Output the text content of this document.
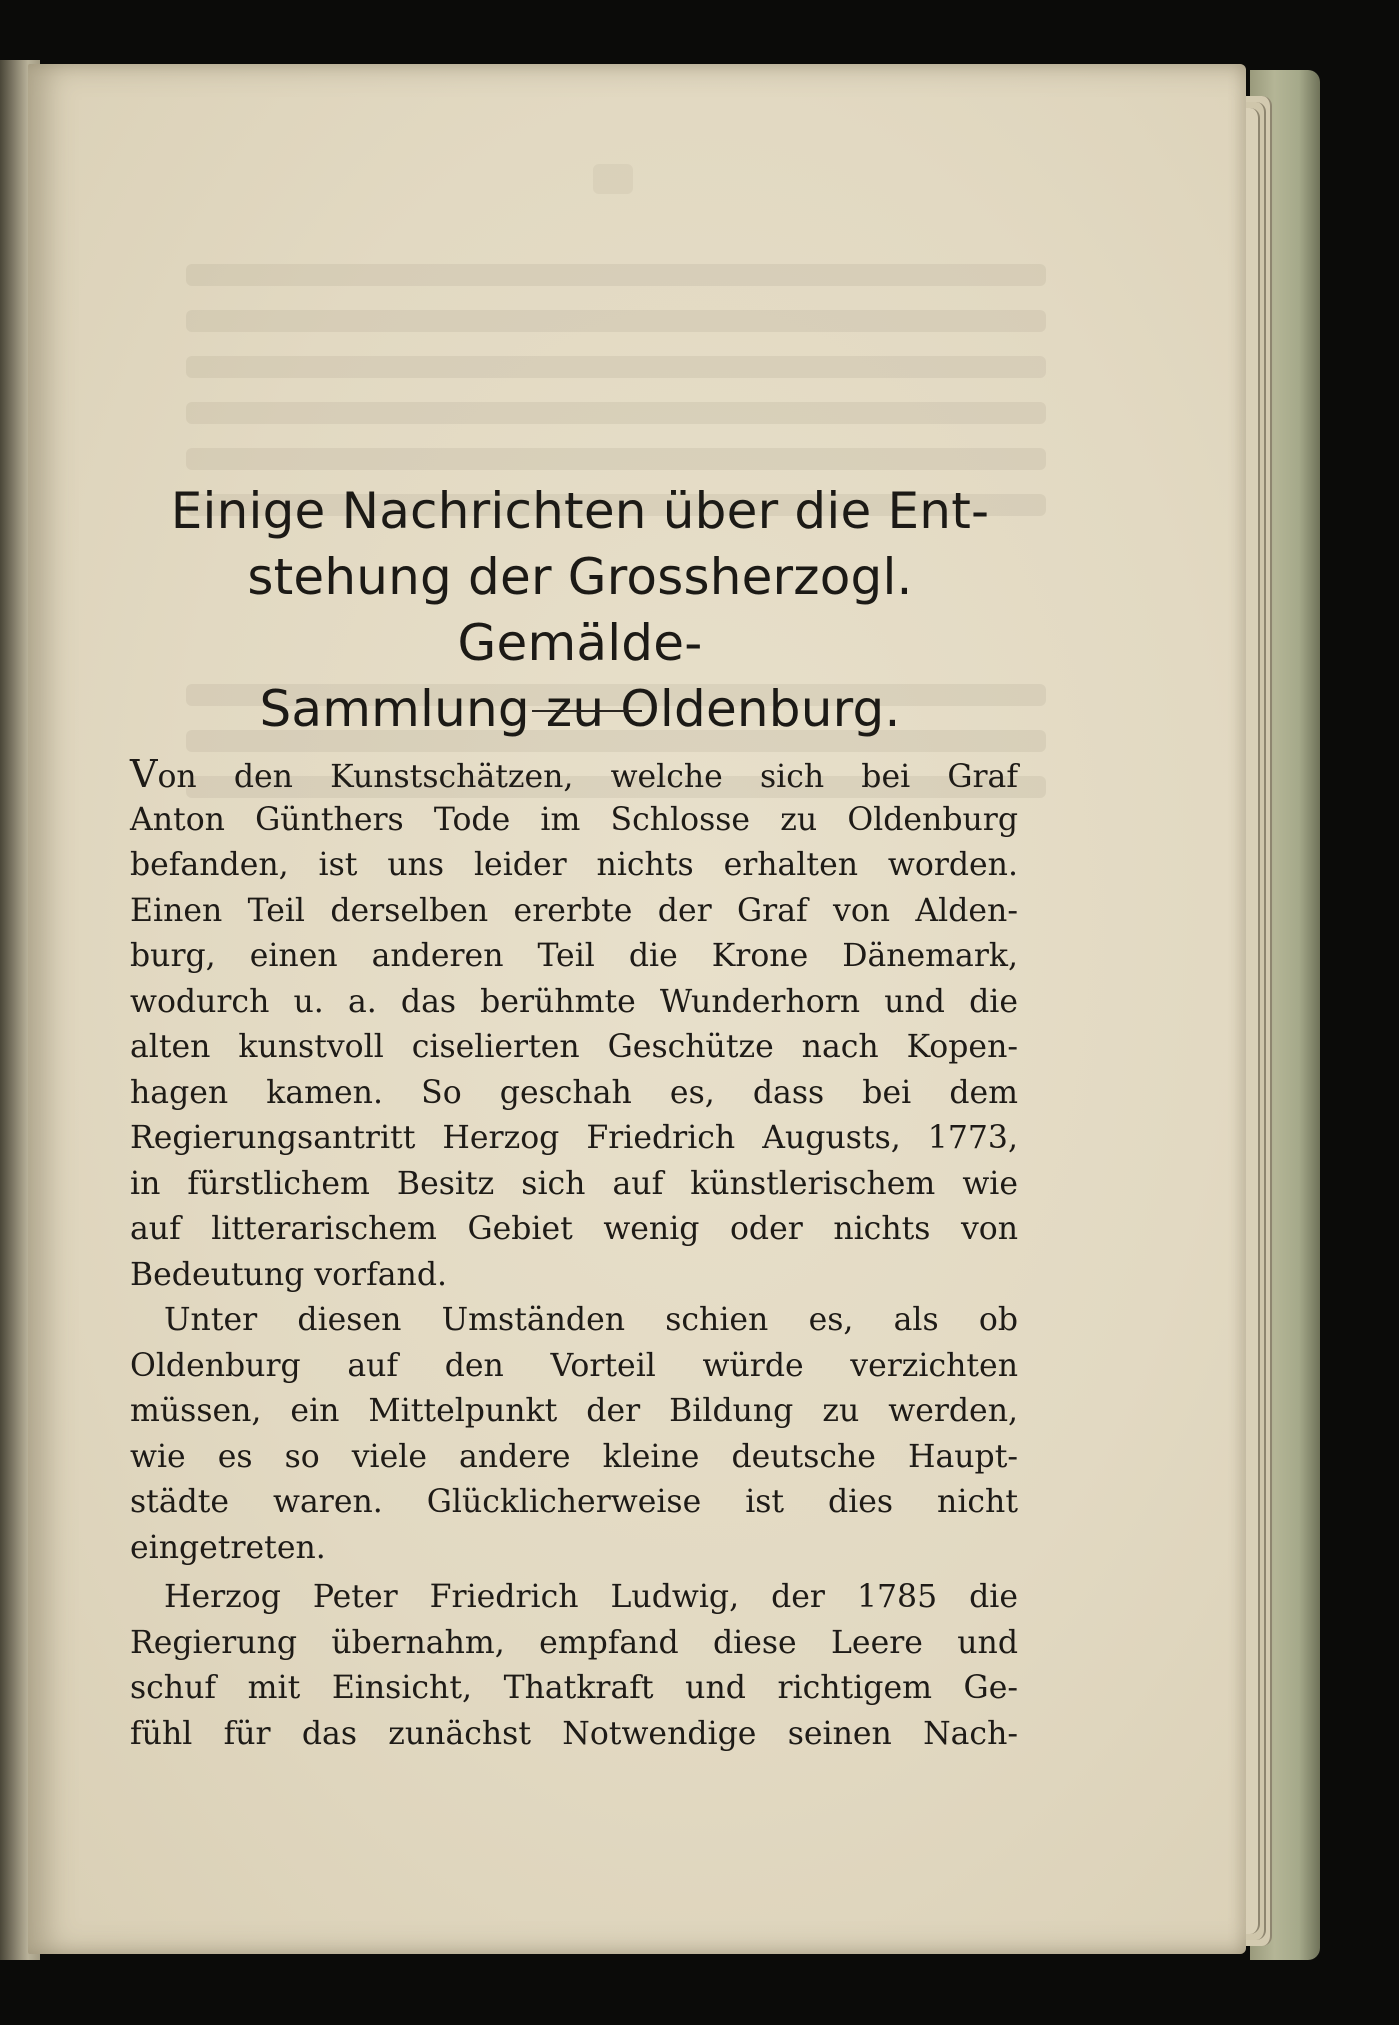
Einige Nachrichten über die Ent-
stehung der Grossherzogl. Gemälde-
Sammlung zu Oldenburg.
Von den Kunstschätzen, welche sich bei Graf
Anton Günthers Tode im Schlosse zu Oldenburg
befanden, ist uns leider nichts erhalten worden.
Einen Teil derselben ererbte der Graf von Alden-
burg, einen anderen Teil die Krone Dänemark,
wodurch u. a. das berühmte Wunderhorn und die
alten kunstvoll ciselierten Geschütze nach Kopen-
hagen kamen. So geschah es, dass bei dem
Regierungsantritt Herzog Friedrich Augusts, 1773,
in fürstlichem Besitz sich auf künstlerischem wie
auf litterarischem Gebiet wenig oder nichts von
Bedeutung vorfand.
Unter diesen Umständen schien es, als ob
Oldenburg auf den Vorteil würde verzichten
müssen, ein Mittelpunkt der Bildung zu werden,
wie es so viele andere kleine deutsche Haupt-
städte waren. Glücklicherweise ist dies nicht
eingetreten.
Herzog Peter Friedrich Ludwig, der 1785 die
Regierung übernahm, empfand diese Leere und
schuf mit Einsicht, Thatkraft und richtigem Ge-
fühl für das zunächst Notwendige seinen Nach-
